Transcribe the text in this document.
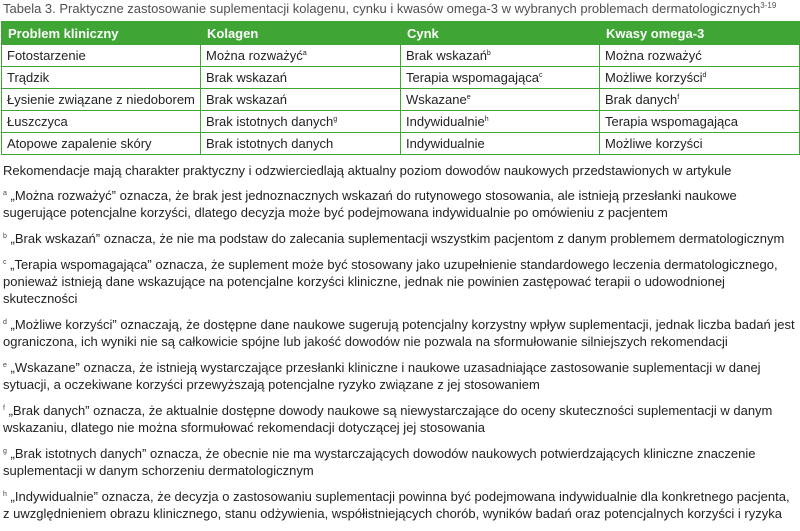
Tabela 3. Praktyczne zastosowanie suplementacji kolagenu, cynku i kwasów omega-3 w wybranych problemach dermatologicznych$^{3-19}$
Problem kliniczny	Kolagen	Cynk	Kwasy omega-3
Fotostarzenie	Można rozważyć$^a$	Brak wskazań$^b$	Można rozważyć
Trądzik	Brak wskazań	Terapia wspomagająca$^c$	Możliwe korzyści$^d$
Łysienie związane z niedoborem	Brak wskazań	Wskazane$^e$	Brak danych$^f$
Łuszczyca	Brak istotnych danych$^g$	Indywidualnie$^h$	Terapia wspomagająca
Atopowe zapalenie skóry	Brak istotnych danych	Indywidualnie	Możliwe korzyści

Rekomendacje mają charakter praktyczny i odzwierciedlają aktualny poziom dowodów naukowych przedstawionych w artykule

$^a$ „Można rozważyć” oznacza, że brak jest jednoznacznych wskazań do rutynowego stosowania, ale istnieją przesłanki naukowe sugerujące potencjalne korzyści, dlatego decyzja może być podejmowana indywidualnie po omówieniu z pacjentem

$^b$ „Brak wskazań” oznacza, że nie ma podstaw do zalecania suplementacji wszystkim pacjentom z danym problemem dermatologicznym

$^c$ „Terapia wspomagająca” oznacza, że suplement może być stosowany jako uzupełnienie standardowego leczenia dermatologicznego, ponieważ istnieją dane wskazujące na potencjalne korzyści kliniczne, jednak nie powinien zastępować terapii o udowodnionej skuteczności

$^d$ „Możliwe korzyści” oznaczają, że dostępne dane naukowe sugerują potencjalny korzystny wpływ suplementacji, jednak liczba badań jest ograniczona, ich wyniki nie są całkowicie spójne lub jakość dowodów nie pozwala na sformułowanie silniejszych rekomendacji

$^e$ „Wskazane” oznacza, że istnieją wystarczające przesłanki kliniczne i naukowe uzasadniające zastosowanie suplementacji w danej sytuacji, a oczekiwane korzyści przewyższają potencjalne ryzyko związane z jej stosowaniem

$^f$ „Brak danych” oznacza, że aktualnie dostępne dowody naukowe są niewystarczające do oceny skuteczności suplementacji w danym wskazaniu, dlatego nie można sformułować rekomendacji dotyczącej jej stosowania

$^g$ „Brak istotnych danych” oznacza, że obecnie nie ma wystarczających dowodów naukowych potwierdzających kliniczne znaczenie suplementacji w danym schorzeniu dermatologicznym

$^h$ „Indywidualnie” oznacza, że decyzja o zastosowaniu suplementacji powinna być podejmowana indywidualnie dla konkretnego pacjenta, z uwzględnieniem obrazu klinicznego, stanu odżywienia, współistniejących chorób, wyników badań oraz potencjalnych korzyści i ryzyka
